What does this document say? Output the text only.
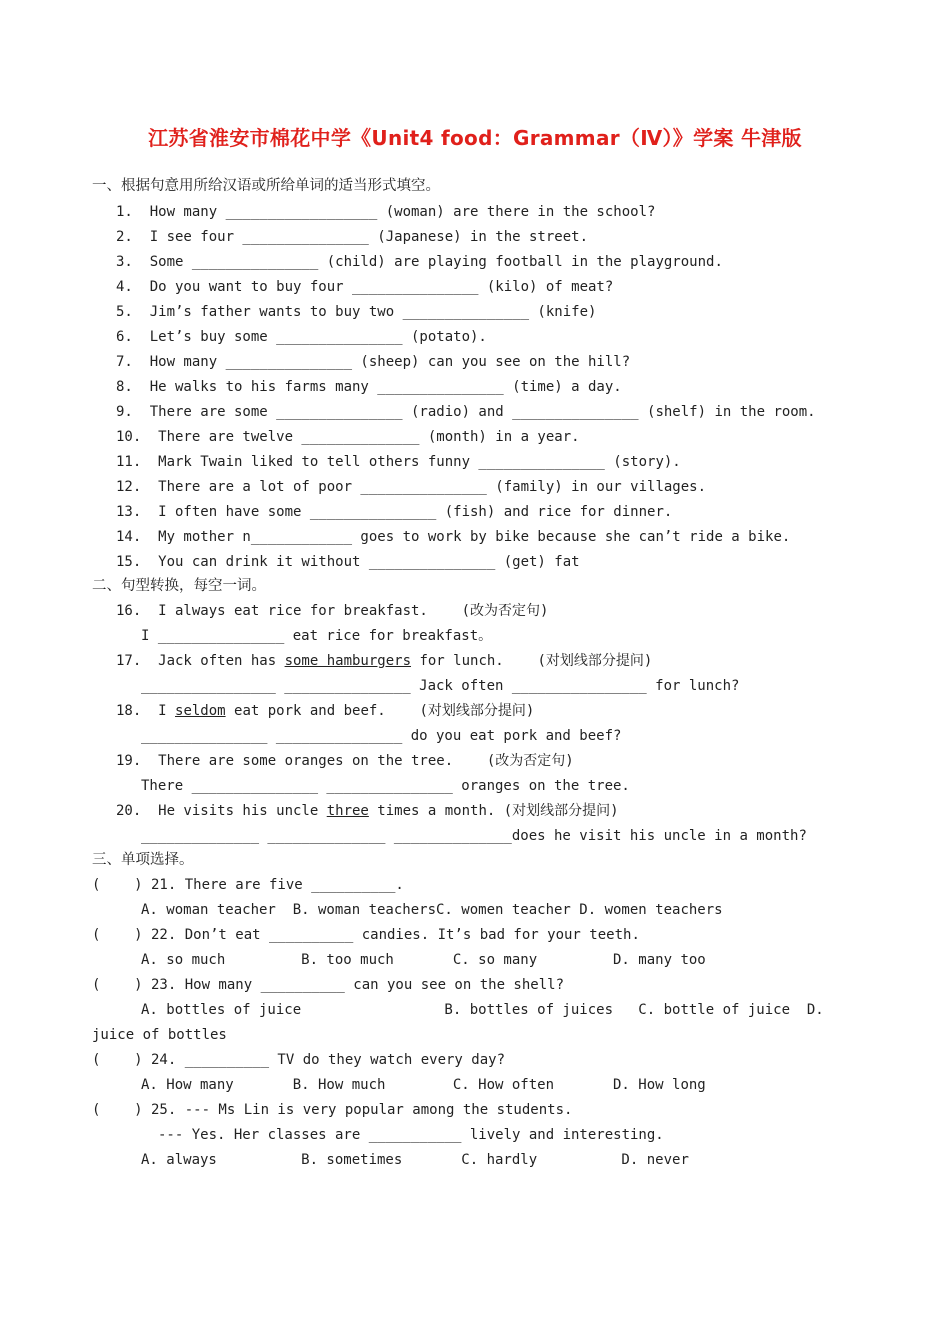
江苏省淮安市棉花中学《Unit4 food：Grammar（Ⅳ）》学案 牛津版
一、根据句意用所给汉语或所给单词的适当形式填空。
1.  How many __________________ (woman) are there in the school?
2.  I see four _______________ (Japanese) in the street.
3.  Some _______________ (child) are playing football in the playground.
4.  Do you want to buy four _______________ (kilo) of meat?
5.  Jim’s father wants to buy two _______________ (knife)
6.  Let’s buy some _______________ (potato).
7.  How many _______________ (sheep) can you see on the hill?
8.  He walks to his farms many _______________ (time) a day.
9.  There are some _______________ (radio) and _______________ (shelf) in the room.
10.  There are twelve ______________ (month) in a year.
11.  Mark Twain liked to tell others funny _______________ (story).
12.  There are a lot of poor _______________ (family) in our villages.
13.  I often have some _______________ (fish) and rice for dinner.
14.  My mother n____________ goes to work by bike because she can’t ride a bike.
15.  You can drink it without _______________ (get) fat
二、句型转换，每空一词。
16.  I always eat rice for breakfast.    (改为否定句)
I _______________ eat rice for breakfast。
17.  Jack often has some hamburgers for lunch.    (对划线部分提问)
________________ _______________ Jack often ________________ for lunch?
18.  I seldom eat pork and beef.    (对划线部分提问)
_______________ _______________ do you eat pork and beef?
19.  There are some oranges on the tree.    (改为否定句)
There _______________ _______________ oranges on the tree.
20.  He visits his uncle three times a month. (对划线部分提问)
______________ ______________ ______________does he visit his uncle in a month?
三、单项选择。
(    ) 21. There are five __________.
A. woman teacher  B. woman teachersC. women teacher D. women teachers
(    ) 22. Don’t eat __________ candies. It’s bad for your teeth.
A. so much         B. too much       C. so many         D. many too
(    ) 23. How many __________ can you see on the shell?
A. bottles of juice                 B. bottles of juices   C. bottle of juice  D.
juice of bottles
(    ) 24. __________ TV do they watch every day?
A. How many       B. How much        C. How often       D. How long
(    ) 25. --- Ms Lin is very popular among the students.
--- Yes. Her classes are ___________ lively and interesting.
A. always          B. sometimes       C. hardly          D. never
